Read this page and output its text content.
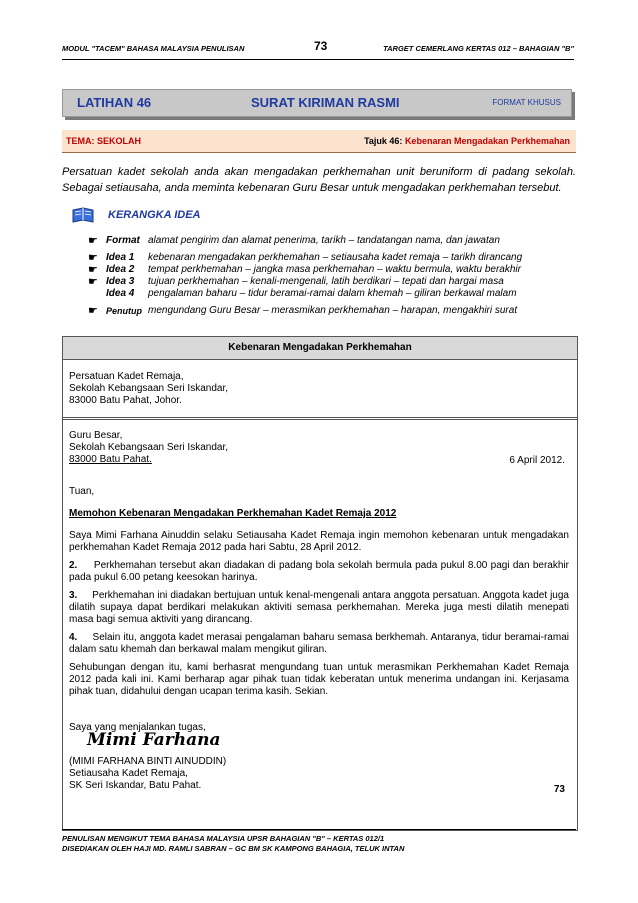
MODUL "TACEM" BAHASA MALAYSIA PENULISAN	73	TARGET CEMERLANG KERTAS 012 – BAHAGIAN "B"
LATIHAN 46	SURAT KIRIMAN RASMI	FORMAT KHUSUS
TEMA: SEKOLAH	Tajuk 46: Kebenaran Mengadakan Perkhemahan
Persatuan kadet sekolah anda akan mengadakan perkhemahan unit beruniform di padang sekolah. Sebagai setiausaha, anda meminta kebenaran Guru Besar untuk mengadakan perkhemahan tersebut.
KERANGKA IDEA
☛ Format alamat pengirim dan alamat penerima, tarikh – tandatangan nama, dan jawatan
☛ Idea 1 kebenaran mengadakan perkhemahan – setiausaha kadet remaja – tarikh dirancang
☛ Idea 2 tempat perkhemahan – jangka masa perkhemahan – waktu bermula, waktu berakhir
☛ Idea 3 tujuan perkhemahan – kenali-mengenali, latih berdikari – tepati dan hargai masa
Idea 4 pengalaman baharu – tidur beramai-ramai dalam khemah – giliran berkawal malam
☛ Penutup mengundang Guru Besar – merasmikan perkhemahan – harapan, mengakhiri surat
Kebenaran Mengadakan Perkhemahan
Persatuan Kadet Remaja,
Sekolah Kebangsaan Seri Iskandar,
83000 Batu Pahat, Johor.
Guru Besar,
Sekolah Kebangsaan Seri Iskandar,
83000 Batu Pahat.	6 April 2012.
Tuan,
Memohon Kebenaran Mengadakan Perkhemahan Kadet Remaja 2012
Saya Mimi Farhana Ainuddin selaku Setiausaha Kadet Remaja ingin memohon kebenaran untuk mengadakan perkhemahan Kadet Remaja 2012 pada hari Sabtu, 28 April 2012.
2. Perkhemahan tersebut akan diadakan di padang bola sekolah bermula pada pukul 8.00 pagi dan berakhir pada pukul 6.00 petang keesokan harinya.
3. Perkhemahan ini diadakan bertujuan untuk kenal-mengenali antara anggota persatuan. Anggota kadet juga dilatih supaya dapat berdikari melakukan aktiviti semasa perkhemahan. Mereka juga mesti dilatih menepati masa bagi semua aktiviti yang dirancang.
4. Selain itu, anggota kadet merasai pengalaman baharu semasa berkhemah. Antaranya, tidur beramai-ramai dalam satu khemah dan berkawal malam mengikut giliran.
Sehubungan dengan itu, kami berhasrat mengundang tuan untuk merasmikan Perkhemahan Kadet Remaja 2012 pada kali ini. Kami berharap agar pihak tuan tidak keberatan untuk menerima undangan ini. Kerjasama pihak tuan, didahului dengan ucapan terima kasih. Sekian.
Saya yang menjalankan tugas,
Mimi Farhana
(MIMI FARHANA BINTI AINUDDIN)
Setiausaha Kadet Remaja,
SK Seri Iskandar, Batu Pahat.	73
PENULISAN MENGIKUT TEMA BAHASA MALAYSIA UPSR BAHAGIAN "B" – KERTAS 012/1
DISEDIAKAN OLEH HAJI MD. RAMLI SABRAN – GC BM SK KAMPONG BAHAGIA, TELUK INTAN
